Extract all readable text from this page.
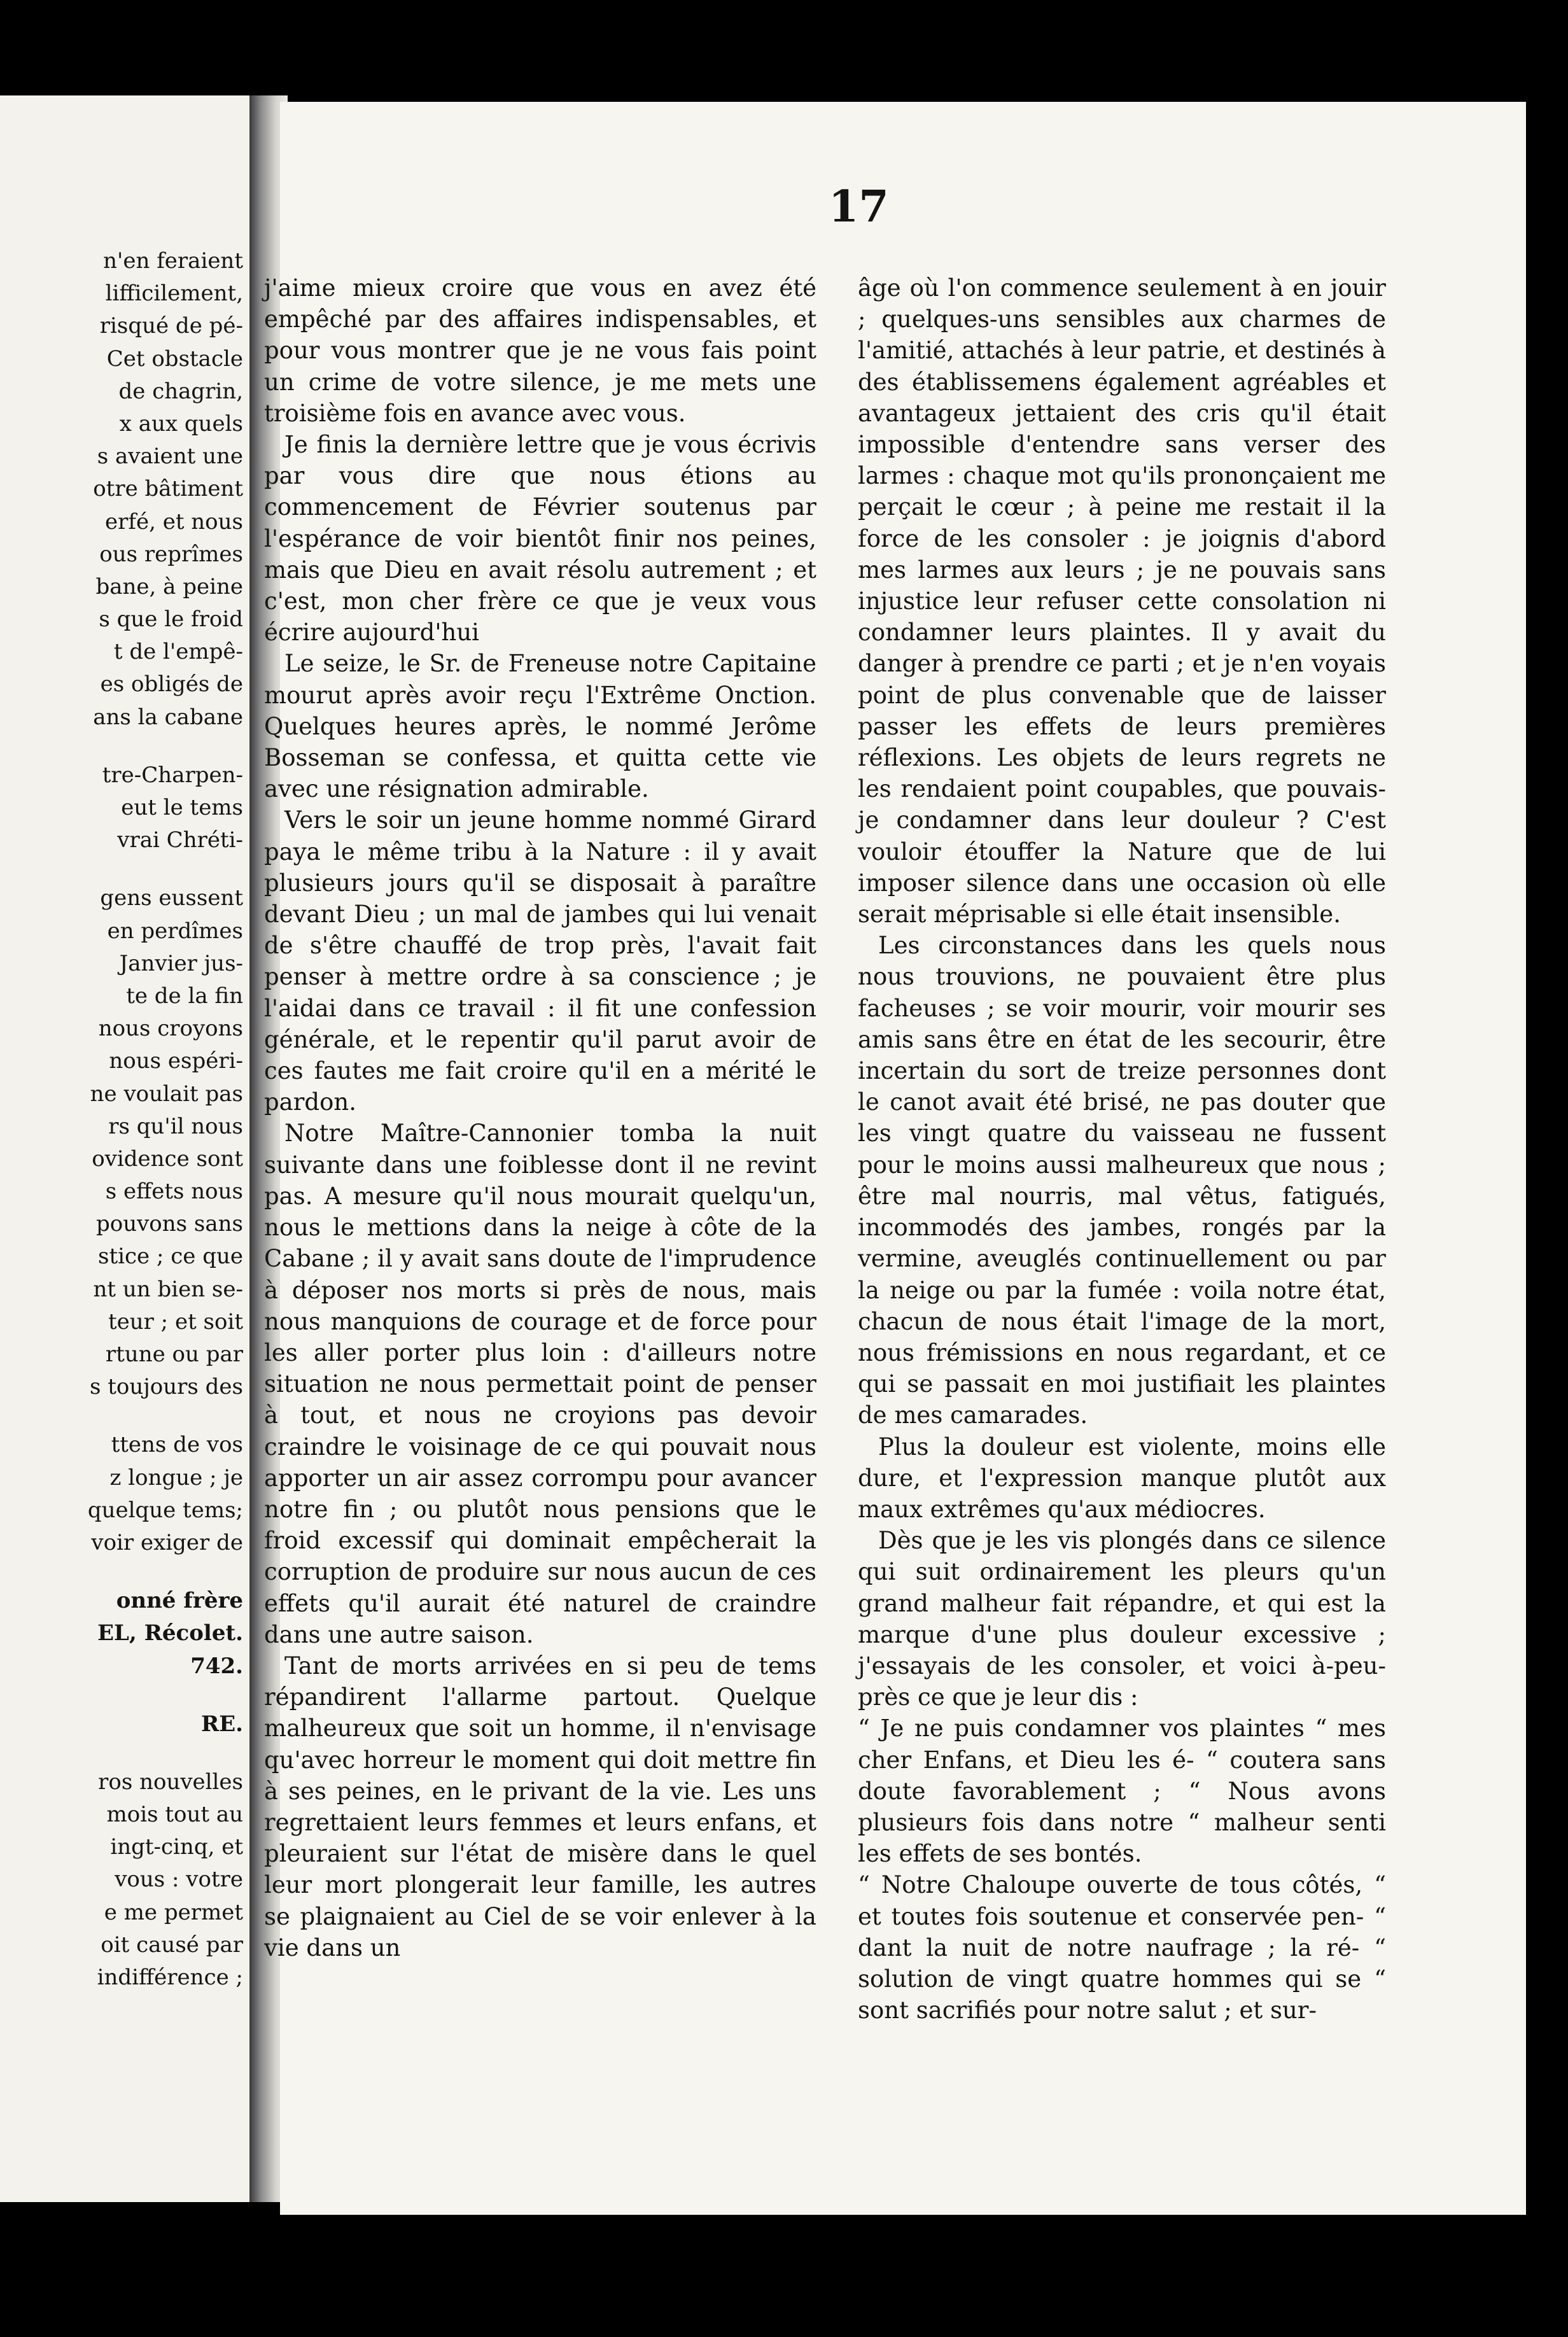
n'en feraient
lifficilement,
risqué de pé-
Cet obstacle
de chagrin,
x aux quels
s avaient une
otre bâtiment
erfé, et nous
ous reprîmes
bane, à peine
s que le froid
t de l'empê-
es obligés de
ans la cabane
tre-Charpen-
eut le tems
vrai Chréti-
gens eussent
en perdîmes
Janvier jus-
te de la fin
nous croyons
nous espéri-
ne voulait pas
rs qu'il nous
ovidence sont
s effets nous
pouvons sans
stice ; ce que
nt un bien se-
teur ; et soit
rtune ou par
s toujours des
ttens de vos
z longue ; je
quelque tems;
voir exiger de
onné frère
EL, Récolet.
742.
RE.
ros nouvelles
mois tout au
ingt-cinq, et
vous : votre
e me permet
oit causé par
indifférence ;
17

j'aime mieux croire que vous en avez été empêché par des affaires indispensables, et pour vous montrer que je ne vous fais point un crime de votre silence, je me mets une troisième fois en avance avec vous.

Je finis la dernière lettre que je vous écrivis par vous dire que nous étions au commencement de Février soutenus par l'espérance de voir bientôt finir nos peines, mais que Dieu en avait résolu autrement ; et c'est, mon cher frère ce que je veux vous écrire aujourd'hui

Le seize, le Sr. de Freneuse notre Capitaine mourut après avoir reçu l'Extrême Onction. Quelques heures après, le nommé Jerôme Bosseman se confessa, et quitta cette vie avec une résignation admirable.

Vers le soir un jeune homme nommé Girard paya le même tribu à la Nature : il y avait plusieurs jours qu'il se disposait à paraître devant Dieu ; un mal de jambes qui lui venait de s'être chauffé de trop près, l'avait fait penser à mettre ordre à sa conscience ; je l'aidai dans ce travail : il fit une confession générale, et le repentir qu'il parut avoir de ces fautes me fait croire qu'il en a mérité le pardon.

Notre Maître-Cannonier tomba la nuit suivante dans une foiblesse dont il ne revint pas. A mesure qu'il nous mourait quelqu'un, nous le mettions dans la neige à côte de la Cabane ; il y avait sans doute de l'imprudence à déposer nos morts si près de nous, mais nous manquions de courage et de force pour les aller porter plus loin : d'ailleurs notre situation ne nous permettait point de penser à tout, et nous ne croyions pas devoir craindre le voisinage de ce qui pouvait nous apporter un air assez corrompu pour avancer notre fin ; ou plutôt nous pensions que le froid excessif qui dominait empêcherait la corruption de produire sur nous aucun de ces effets qu'il aurait été naturel de craindre dans une autre saison.

Tant de morts arrivées en si peu de tems répandirent l'allarme partout. Quelque malheureux que soit un homme, il n'envisage qu'avec horreur le moment qui doit mettre fin à ses peines, en le privant de la vie. Les uns regrettaient leurs femmes et leurs enfans, et pleuraient sur l'état de misère dans le quel leur mort plongerait leur famille, les autres se plaignaient au Ciel de se voir enlever à la vie dans un

âge où l'on commence seulement à en jouir ; quelques-uns sensibles aux charmes de l'amitié, attachés à leur patrie, et destinés à des établissemens également agréables et avantageux jettaient des cris qu'il était impossible d'entendre sans verser des larmes : chaque mot qu'ils prononçaient me perçait le cœur ; à peine me restait il la force de les consoler : je joignis d'abord mes larmes aux leurs ; je ne pouvais sans injustice leur refuser cette consolation ni condamner leurs plaintes. Il y avait du danger à prendre ce parti ; et je n'en voyais point de plus convenable que de laisser passer les effets de leurs premières réflexions. Les objets de leurs regrets ne les rendaient point coupables, que pouvais-je condamner dans leur douleur ? C'est vouloir étouffer la Nature que de lui imposer silence dans une occasion où elle serait méprisable si elle était insensible.

Les circonstances dans les quels nous nous trouvions, ne pouvaient être plus facheuses ; se voir mourir, voir mourir ses amis sans être en état de les secourir, être incertain du sort de treize personnes dont le canot avait été brisé, ne pas douter que les vingt quatre du vaisseau ne fussent pour le moins aussi malheureux que nous ; être mal nourris, mal vêtus, fatigués, incommodés des jambes, rongés par la vermine, aveuglés continuellement ou par la neige ou par la fumée : voila notre état, chacun de nous était l'image de la mort, nous frémissions en nous regardant, et ce qui se passait en moi justifiait les plaintes de mes camarades.

Plus la douleur est violente, moins elle dure, et l'expression manque plutôt aux maux extrêmes qu'aux médiocres.

Dès que je les vis plongés dans ce silence qui suit ordinairement les pleurs qu'un grand malheur fait répandre, et qui est la marque d'une plus douleur excessive ; j'essayais de les consoler, et voici à-peu-près ce que je leur dis :

“ Je ne puis condamner vos plaintes “ mes cher Enfans, et Dieu les é- “ coutera sans doute favorablement ; “ Nous avons plusieurs fois dans notre “ malheur senti les effets de ses bontés.

“ Notre Chaloupe ouverte de tous côtés, “ et toutes fois soutenue et conservée pen- “ dant la nuit de notre naufrage ; la ré- “ solution de vingt quatre hommes qui se “ sont sacrifiés pour notre salut ; et sur-
